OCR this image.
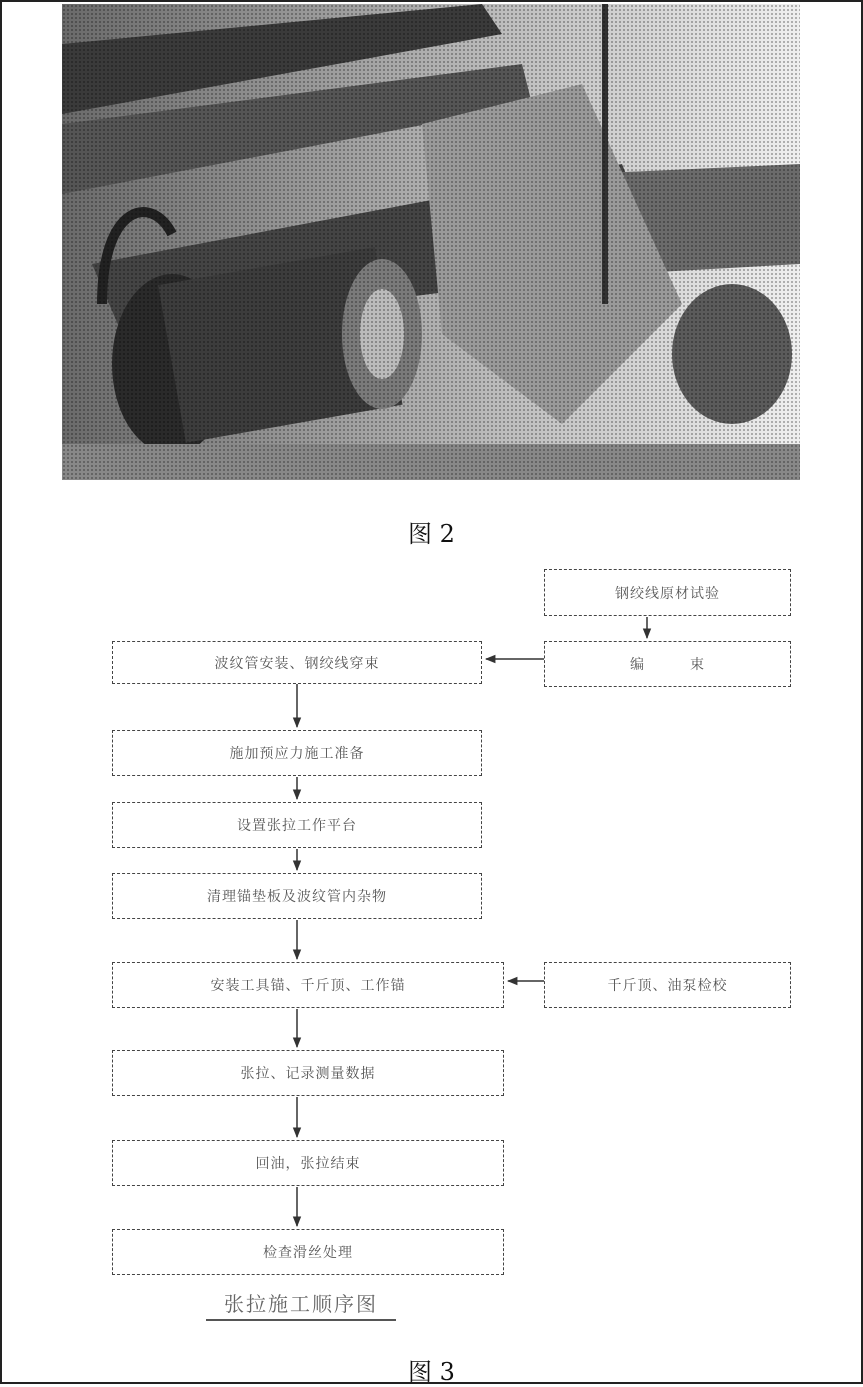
图 2
波纹管安装、钢绞线穿束
施加预应力施工准备
设置张拉工作平台
清理锚垫板及波纹管内杂物
安装工具锚、千斤顶、工作锚
张拉、记录测量数据
回油，张拉结束
检查滑丝处理
钢绞线原材试验
编　　　束
千斤顶、油泵检校
张拉施工顺序图
图 3
